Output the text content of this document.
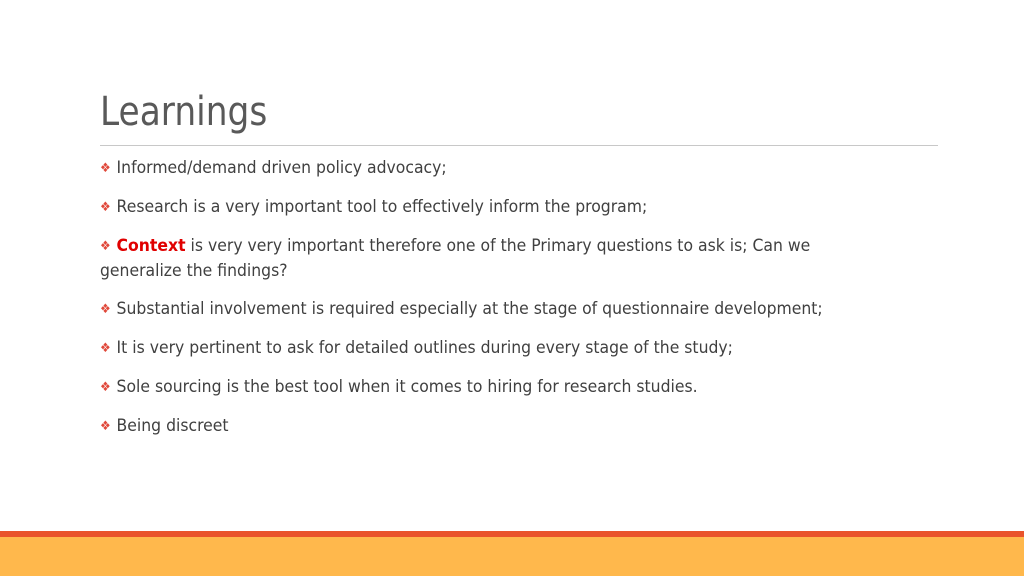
Learnings
❖ Informed/demand driven policy advocacy;
❖ Research is a very important tool to effectively inform the program;
❖ Context is very very important therefore one of the Primary questions to ask is; Can we
generalize the findings?
❖ Substantial involvement is required especially at the stage of questionnaire development;
❖ It is very pertinent to ask for detailed outlines during every stage of the study;
❖ Sole sourcing is the best tool when it comes to hiring for research studies.
❖ Being discreet
